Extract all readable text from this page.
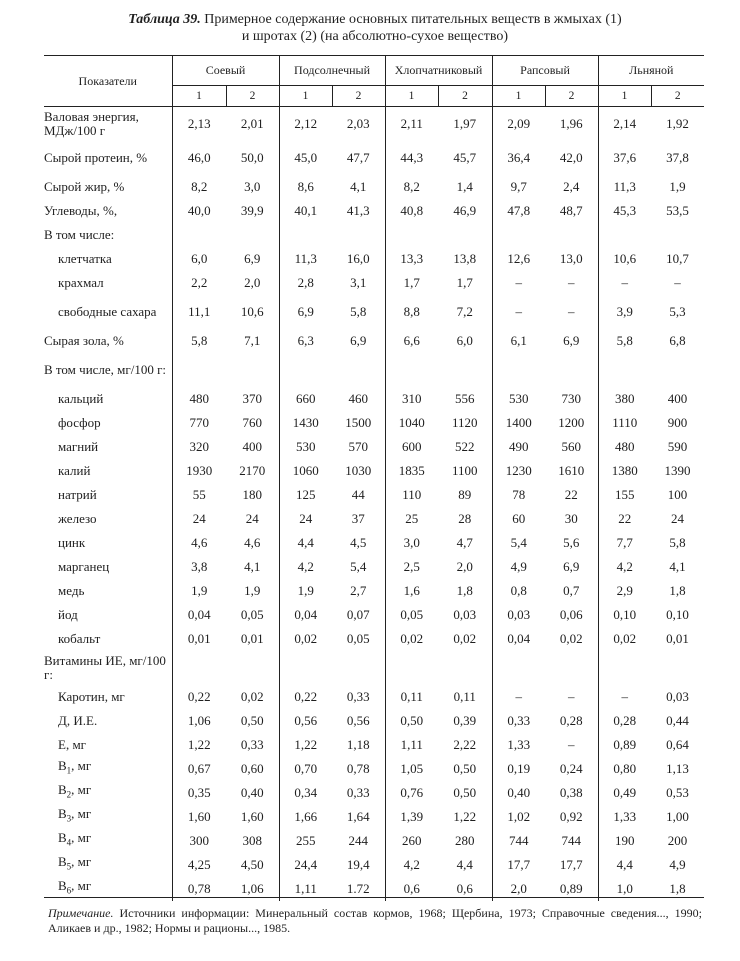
Таблица 39. Примерное содержание основных питательных веществ в жмыхах (1)
и шротах (2) (на абсолютно-сухое вещество)
Показатели	Соевый		Подсолнечный		Хлопчатниковый		Рапсовый		Льняной	
	1	2	1	2	1	2	1	2	1	2
Валовая энергия, МДж/100 г	2,13	2,01	2,12	2,03	2,11	1,97	2,09	1,96	2,14	1,92
Сырой протеин, %	46,0	50,0	45,0	47,7	44,3	45,7	36,4	42,0	37,6	37,8
Сырой жир, %	8,2	3,0	8,6	4,1	8,2	1,4	9,7	2,4	11,3	1,9
Углеводы, %,	40,0	39,9	40,1	41,3	40,8	46,9	47,8	48,7	45,3	53,5
В том числе:										
клетчатка	6,0	6,9	11,3	16,0	13,3	13,8	12,6	13,0	10,6	10,7
крахмал	2,2	2,0	2,8	3,1	1,7	1,7	–	–	–	–
свободные сахара	11,1	10,6	6,9	5,8	8,8	7,2	–	–	3,9	5,3
Сырая зола, %	5,8	7,1	6,3	6,9	6,6	6,0	6,1	6,9	5,8	6,8
В том числе, мг/100 г:										
кальций	480	370	660	460	310	556	530	730	380	400
фосфор	770	760	1430	1500	1040	1120	1400	1200	1110	900
магний	320	400	530	570	600	522	490	560	480	590
калий	1930	2170	1060	1030	1835	1100	1230	1610	1380	1390
натрий	55	180	125	44	110	89	78	22	155	100
железо	24	24	24	37	25	28	60	30	22	24
цинк	4,6	4,6	4,4	4,5	3,0	4,7	5,4	5,6	7,7	5,8
марганец	3,8	4,1	4,2	5,4	2,5	2,0	4,9	6,9	4,2	4,1
медь	1,9	1,9	1,9	2,7	1,6	1,8	0,8	0,7	2,9	1,8
йод	0,04	0,05	0,04	0,07	0,05	0,03	0,03	0,06	0,10	0,10
кобальт	0,01	0,01	0,02	0,05	0,02	0,02	0,04	0,02	0,02	0,01
Витамины ИЕ, мг/100 г:										
Каротин, мг	0,22	0,02	0,22	0,33	0,11	0,11	–	–	–	0,03
Д, И.Е.	1,06	0,50	0,56	0,56	0,50	0,39	0,33	0,28	0,28	0,44
Е, мг	1,22	0,33	1,22	1,18	1,11	2,22	1,33	–	0,89	0,64
$В_1$, мг	0,67	0,60	0,70	0,78	1,05	0,50	0,19	0,24	0,80	1,13
$В_2$, мг	0,35	0,40	0,34	0,33	0,76	0,50	0,40	0,38	0,49	0,53
$В_3$, мг	1,60	1,60	1,66	1,64	1,39	1,22	1,02	0,92	1,33	1,00
$В_4$, мг	300	308	255	244	260	280	744	744	190	200
$В_5$, мг	4,25	4,50	24,4	19,4	4,2	4,4	17,7	17,7	4,4	4,9
$В_6$, мг	0,78	1,06	1,11	1.72	0,6	0,6	2,0	0,89	1,0	1,8
Примечание. Источники информации: Минеральный состав кормов, 1968; Щербина, 1973; Справочные сведения..., 1990; Аликаев и др., 1982; Нормы и рационы..., 1985.
